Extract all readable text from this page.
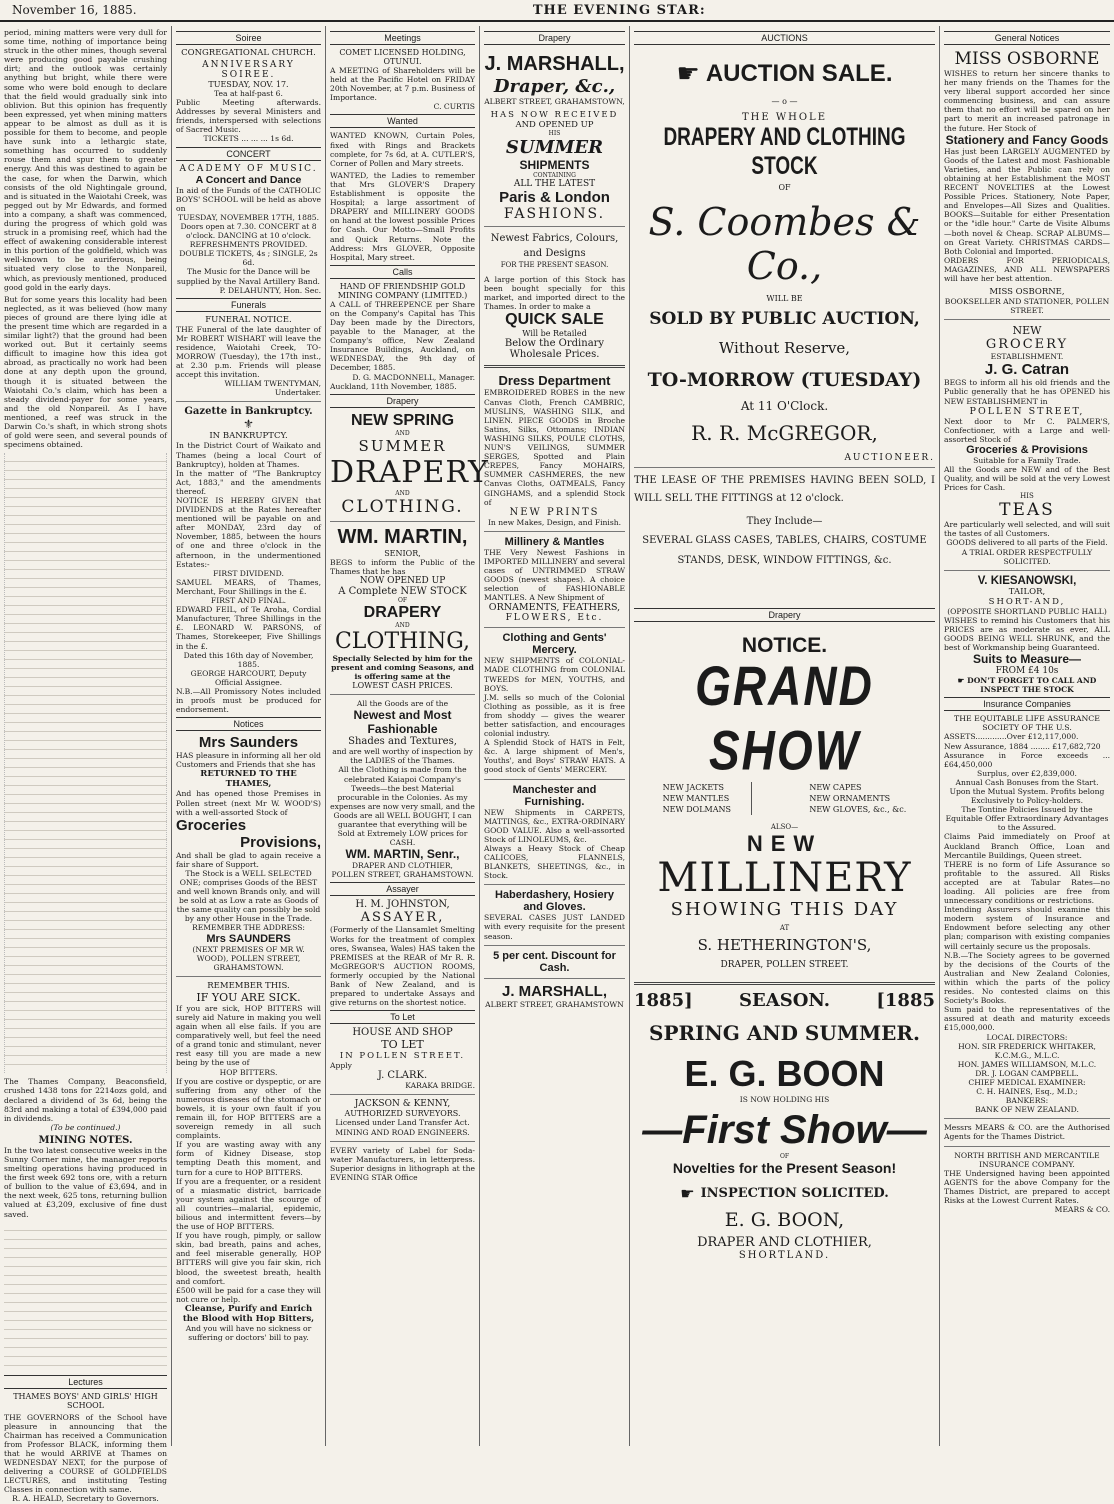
November 16, 1885.	THE EVENING STAR:

period, mining matters were very dull for some time, nothing of importance being struck in the other mines, though several were producing good payable crushing dirt; and the outlook was certainly anything but bright, while there were some who were bold enough to declare that the field would gradually sink into oblivion. But this opinion has frequently been expressed, yet when mining matters appear to be almost as dull as it is possible for them to become, and people have sunk into a lethargic state, something has occurred to suddenly rouse them and spur them to greater energy. And this was destined to again be the case, for when the Darwin, which consists of the old Nightingale ground, and is situated in the Waiotahi Creek, was pegged out by Mr Edwards, and formed into a company, a shaft was commenced, during the progress of which gold was struck in a promising reef, which had the effect of awakening considerable interest in this portion of the goldfield, which was well-known to be auriferous, being situated very close to the Nonpareil, which, as previously mentioned, produced good gold in the early days.

But for some years this locality had been neglected, as it was believed (how many pieces of ground are there lying idle at the present time which are regarded in a similar light?) that the ground had been worked out. But it certainly seems difficult to imagine how this idea got abroad, as practically no work had been done at any depth upon the ground, though it is situated between the Waiotahi Co.'s claim, which has been a steady dividend-payer for some years, and the old Nonpareil. As I have mentioned, a reef was struck in the Darwin Co.'s shaft, in which strong shots of gold were seen, and several pounds of specimens obtained.

The Thames Company, Beaconsfield, crushed 1438 tons for 2214ozs gold, and declared a dividend of 3s 6d, being the 83rd and making a total of £394,000 paid in dividends.

(To be continued.)

MINING NOTES.

In the two latest consecutive weeks in the Sunny Corner mine, the manager reports smelting operations having produced in the first week 692 tons ore, with a return of bullion to the value of £3,694, and in the next week, 625 tons, returning bullion valued at £3,209, exclusive of fine dust saved.

Lectures

THAMES BOYS' AND GIRLS' HIGH SCHOOL

THE GOVERNORS of the School have pleasure in announcing that the Chairman has received a Communication from Professor BLACK, informing them that he would ARRIVE at Thames on WEDNESDAY NEXT, for the purpose of delivering a COURSE of GOLDFIELDS LECTURES, and instituting Testing Classes in connection with same.

R. A. HEALD, Secretary to Governors.

Soiree

CONGREGATIONAL CHURCH.

ANNIVERSARY SOIREE.

TUESDAY, NOV. 17.

Tea at half-past 6.

Public Meeting afterwards. Addresses by several Ministers and friends, interspersed with selections of Sacred Music.

TICKETS ... ... ... 1s 6d.

CONCERT

ACADEMY OF MUSIC.

A Concert and Dance

In aid of the Funds of the CATHOLIC BOYS' SCHOOL will be held as above on

TUESDAY, NOVEMBER 17TH, 1885.

Doors open at 7.30. CONCERT at 8 o'clock. DANCING at 10 o'clock.

REFRESHMENTS PROVIDED.

DOUBLE TICKETS, 4s ; SINGLE, 2s 6d.

The Music for the Dance will be supplied by the Naval Artillery Band.

P. DELAHUNTY, Hon. Sec.

Funerals

FUNERAL NOTICE.

THE Funeral of the late daughter of Mr ROBERT WISHART will leave the residence, Waiotahi Creek, TO-MORROW (Tuesday), the 17th inst., at 2.30 p.m. Friends will please accept this invitation.

WILLIAM TWENTYMAN, Undertaker.

Gazette in Bankruptcy.

⚜

IN BANKRUPTCY.

In the District Court of Waikato and Thames (being a local Court of Bankruptcy), holden at Thames.

In the matter of "The Bankruptcy Act, 1883," and the amendments thereof.

NOTICE IS HEREBY GIVEN that DIVIDENDS at the Rates hereafter mentioned will be payable on and after MONDAY, 23rd day of November, 1885, between the hours of one and three o'clock in the afternoon, in the undermentioned Estates:-

FIRST DIVIDEND.

SAMUEL MEARS, of Thames, Merchant, Four Shillings in the £.

FIRST AND FINAL.

EDWARD FEIL, of Te Aroha, Cordial Manufacturer, Three Shillings in the £. LEONARD W. PARSONS, of Thames, Storekeeper, Five Shillings in the £.

Dated this 16th day of November, 1885.

GEORGE HARCOURT, Deputy Official Assignee.

N.B.—All Promissory Notes included in proofs must be produced for endorsement.

Notices

Mrs Saunders

HAS pleasure in informing all her old Customers and Friends that she has

RETURNED TO THE THAMES,

And has opened those Premises in Pollen street (next Mr W. WOOD'S) with a well-assorted Stock of

Groceries

Provisions,

And shall be glad to again receive a fair share of Support.

The Stock is a WELL SELECTED ONE; comprises Goods of the BEST and well known Brands only, and will be sold at as Low a rate as Goods of the same quality can possibly be sold by any other House in the Trade.

REMEMBER THE ADDRESS:

Mrs SAUNDERS

(NEXT PREMISES OF MR W. WOOD), POLLEN STREET, GRAHAMSTOWN.

REMEMBER THIS.

IF YOU ARE SICK.

If you are sick, HOP BITTERS will surely aid Nature in making you well again when all else fails. If you are comparatively well, but feel the need of a grand tonic and stimulant, never rest easy till you are made a new being by the use of

HOP BITTERS.

If you are costive or dyspeptic, or are suffering from any other of the numerous diseases of the stomach or bowels, it is your own fault if you remain ill, for HOP BITTERS are a sovereign remedy in all such complaints.

If you are wasting away with any form of Kidney Disease, stop tempting Death this moment, and turn for a cure to HOP BITTERS.

If you are a frequenter, or a resident of a miasmatic district, barricade your system against the scourge of all countries—malarial, epidemic, bilious and intermittent fevers—by the use of HOP BITTERS.

If you have rough, pimply, or sallow skin, bad breath, pains and aches, and feel miserable generally, HOP BITTERS will give you fair skin, rich blood, the sweetest breath, health and comfort.

£500 will be paid for a case they will not cure or help.

Cleanse, Purify and Enrich the Blood with Hop Bitters,

And you will have no sickness or suffering or doctors' bill to pay.

Meetings

COMET LICENSED HOLDING, OTUNUI.

A MEETING of Shareholders will be held at the Pacific Hotel on FRIDAY 20th November, at 7 p.m. Business of Importance.

C. CURTIS

Wanted

WANTED KNOWN, Curtain Poles, fixed with Rings and Brackets complete, for 7s 6d, at A. CUTLER'S, Corner of Pollen and Mary streets.

WANTED, the Ladies to remember that Mrs GLOVER'S Drapery Establishment is opposite the Hospital; a large assortment of DRAPERY and MILLINERY GOODS on hand at the lowest possible Prices for Cash. Our Motto—Small Profits and Quick Returns. Note the Address: Mrs GLOVER, Opposite Hospital, Mary street.

Calls

HAND OF FRIENDSHIP GOLD MINING COMPANY (LIMITED.)

A CALL of THREEPENCE per Share on the Company's Capital has This Day been made by the Directors, payable to the Manager, at the Company's office, New Zealand Insurance Buildings, Auckland, on WEDNESDAY, the 9th day of December, 1885.

D. G. MACDONNELL, Manager.

Auckland, 11th November, 1885.

Drapery

NEW SPRING

AND

SUMMER

DRAPERY

AND

CLOTHING.

WM. MARTIN,

SENIOR,

BEGS to inform the Public of the Thames that he has

NOW OPENED UP

A Complete NEW STOCK

OF

DRAPERY

AND

CLOTHING,

Specially Selected by him for the present and coming Seasons, and is offering same at the

LOWEST CASH PRICES.

All the Goods are of the

Newest and Most Fashionable

Shades and Textures,

and are well worthy of inspection by the LADIES of the Thames.

All the Clothing is made from the celebrated Kaiapoi Company's Tweeds—the best Material procurable in the Colonies. As my expenses are now very small, and the Goods are all WELL BOUGHT, I can guarantee that everything will be Sold at Extremely LOW prices for CASH.

WM. MARTIN, Senr.,

DRAPER AND CLOTHIER,

POLLEN STREET, GRAHAMSTOWN.

Assayer

H. M. JOHNSTON,

ASSAYER,

(Formerly of the Llansamlet Smelting Works for the treatment of complex ores, Swansea, Wales) HAS taken the PREMISES at the REAR of Mr R. R. McGREGOR'S AUCTION ROOMS, formerly occupied by the National Bank of New Zealand, and is prepared to undertake Assays and give returns on the shortest notice.

To Let

HOUSE AND SHOP

TO LET

IN POLLEN STREET.

Apply

J. CLARK.

KARAKA BRIDGE.

JACKSON & KENNY,

AUTHORIZED SURVEYORS.

Licensed under Land Transfer Act.

MINING AND ROAD ENGINEERS.

EVERY variety of Label for Soda-water Manufacturers, in letterpress. Superior designs in lithograph at the EVENING STAR Office

Drapery

J. MARSHALL,

Draper, &c.,

ALBERT STREET, GRAHAMSTOWN,

HAS NOW RECEIVED

AND OPENED UP

HIS

SUMMER

SHIPMENTS

CONTAINING

ALL THE LATEST

Paris & London

FASHIONS.

Newest Fabrics, Colours, and Designs

FOR THE PRESENT SEASON.

A large portion of this Stock has been bought specially for this market, and imported direct to the Thames. In order to make a

QUICK SALE

Will be Retailed

Below the Ordinary Wholesale Prices.

Dress Department

EMBROIDERED ROBES in the new Canvas Cloth, French CAMBRIC, MUSLINS, WASHING SILK, and LINEN. PIECE GOODS in Broche Satins, Silks, Ottomans; INDIAN WASHING SILKS, POULE CLOTHS, NUN'S VEILINGS, SUMMER SERGES, Spotted and Plain CREPES, Fancy MOHAIRS, SUMMER CASHMERES, the new Canvas Cloths, OATMEALS, Fancy GINGHAMS, and a splendid Stock of

NEW PRINTS

In new Makes, Design, and Finish.

Millinery & Mantles

THE Very Newest Fashions in IMPORTED MILLINERY and several cases of UNTRIMMED STRAW GOODS (newest shapes). A choice selection of FASHIONABLE MANTLES. A New Shipment of

ORNAMENTS, FEATHERS,

FLOWERS, Etc.

Clothing and Gents' Mercery.

NEW SHIPMENTS of COLONIAL-MADE CLOTHING from COLONIAL TWEEDS for MEN, YOUTHS, and BOYS.

J.M. sells so much of the Colonial Clothing as possible, as it is free from shoddy — gives the wearer better satisfaction, and encourages colonial industry.

A Splendid Stock of HATS in Felt, &c. A large shipment of Men's, Youths', and Boys' STRAW HATS. A good stock of Gents' MERCERY.

Manchester and Furnishing.

NEW Shipments in CARPETS, MATTINGS, &c., EXTRA-ORDINARY GOOD VALUE. Also a well-assorted Stock of LINOLEUMS, &c.

Always a Heavy Stock of Cheap CALICOES, FLANNELS, BLANKETS, SHEETINGS, &c., in Stock.

Haberdashery, Hosiery and Gloves.

SEVERAL CASES JUST LANDED with every requisite for the present season.

5 per cent. Discount for Cash.

J. MARSHALL,

ALBERT STREET, GRAHAMSTOWN

AUCTIONS
☛ AUCTION SALE.

— o —

THE WHOLE

DRAPERY AND CLOTHING STOCK

OF

S. Coombes & Co.,

WILL BE

SOLD BY PUBLIC AUCTION,

Without Reserve,

TO-MORROW (TUESDAY)

At 11 O'Clock.

R. R. McGREGOR,

AUCTIONEER.

THE LEASE OF THE PREMISES HAVING BEEN SOLD, I WILL SELL THE FITTINGS at 12 o'clock.

They Include—

SEVERAL GLASS CASES, TABLES, CHAIRS, COSTUME STANDS, DESK, WINDOW FITTINGS, &c.

Drapery

NOTICE.

GRAND SHOW

NEW JACKETS

NEW MANTLES

NEW DOLMANS

NEW CAPES

NEW ORNAMENTS

NEW GLOVES, &c., &c.

ALSO—

NEW

MILLINERY

SHOWING THIS DAY

AT

S. HETHERINGTON'S,

DRAPER, POLLEN STREET.

1885]	SEASON.	[1885

SPRING AND SUMMER.

E. G. BOON

IS NOW HOLDING HIS

—First Show—

OF

Novelties for the Present Season!

☛ INSPECTION SOLICITED.

E. G. BOON,

DRAPER AND CLOTHIER,

SHORTLAND.

General Notices

MISS OSBORNE

WISHES to return her sincere thanks to her many friends on the Thames for the very liberal support accorded her since commencing business, and can assure them that no effort will be spared on her part to merit an increased patronage in the future. Her Stock of

Stationery and Fancy Goods

Has just been LARGELY AUGMENTED by Goods of the Latest and most Fashionable Varieties, and the Public can rely on obtaining at her Establishment the MOST RECENT NOVELTIES at the Lowest Possible Prices. Stationery, Note Paper, and Envelopes—All Sizes and Qualities. BOOKS—Suitable for either Presentation or the "idle hour." Carte de Visite Albums—both novel & Cheap. SCRAP ALBUMS—on Great Variety. CHRISTMAS CARDS—Both Colonial and Imported.

ORDERS FOR PERIODICALS, MAGAZINES, AND ALL NEWSPAPERS will have her best attention.

MISS OSBORNE,

BOOKSELLER AND STATIONER, POLLEN STREET.

NEW

GROCERY

ESTABLISHMENT.

J. G. Catran

BEGS to inform all his old friends and the Public generally that he has OPENED his NEW ESTABLISHMENT in

POLLEN STREET,

Next door to Mr C. PALMER'S, Confectioner, with a Large and well-assorted Stock of

Groceries & Provisions

Suitable for a Family Trade.

All the Goods are NEW and of the Best Quality, and will be sold at the very Lowest Prices for Cash.

HIS

TEAS

Are particularly well selected, and will suit the tastes of all Customers.

GOODS delivered to all parts of the Field.

A TRIAL ORDER RESPECTFULLY SOLICITED.

V. KIESANOWSKI,

TAILOR,

SHORT-AND,

(OPPOSITE SHORTLAND PUBLIC HALL)

WISHES to remind his Customers that his PRICES are as moderate as ever, ALL GOODS BEING WELL SHRUNK, and the best of Workmanship being Guaranteed.

Suits to Measure—

FROM £4 10s

☛ DON'T FORGET TO CALL AND INSPECT THE STOCK

Insurance Companies

THE EQUITABLE LIFE ASSURANCE SOCIETY OF THE U.S.

ASSETS.............Over £12,117,000.

New Assurance, 1884 ........ £17,682,720

Assurance in Force exceeds ... £64,450,000

Surplus, over £2,839,000.

Annual Cash Bonuses from the Start. Upon the Mutual System. Profits belong Exclusively to Policy-holders.

The Tontine Policies Issued by the Equitable Offer Extraordinary Advantages to the Assured.

Claims Paid immediately on Proof at Auckland Branch Office, Loan and Mercantile Buildings, Queen street.

THERE is no form of Life Assurance so profitable to the assured. All Risks accepted are at Tabular Rates—no loading. All policies are free from unnecessary conditions or restrictions.

Intending Assurers should examine this modern system of Insurance and Endowment before selecting any other plan; comparison with existing companies will certainly secure us the proposals.

N.B.—The Society agrees to be governed by the decisions of the Courts of the Australian and New Zealand Colonies, within which the parts of the policy resides. No contested claims on this Society's Books.

Sum paid to the representatives of the assured at death and maturity exceeds £15,000,000.

LOCAL DIRECTORS:

HON. SIR FREDERICK WHITAKER, K.C.M.G., M.L.C.

HON. JAMES WILLIAMSON, M.L.C.

DR. J. LOGAN CAMPBELL.

CHIEF MEDICAL EXAMINER:

C. H. HAINES, Esq., M.D.;

BANKERS:

BANK OF NEW ZEALAND.

Messrs MEARS & CO. are the Authorised Agents for the Thames District.

NORTH BRITISH AND MERCANTILE INSURANCE COMPANY.

THE Undersigned having been appointed AGENTS for the above Company for the Thames District, are prepared to accept Risks at the Lowest Current Rates.

MEARS & CO.
